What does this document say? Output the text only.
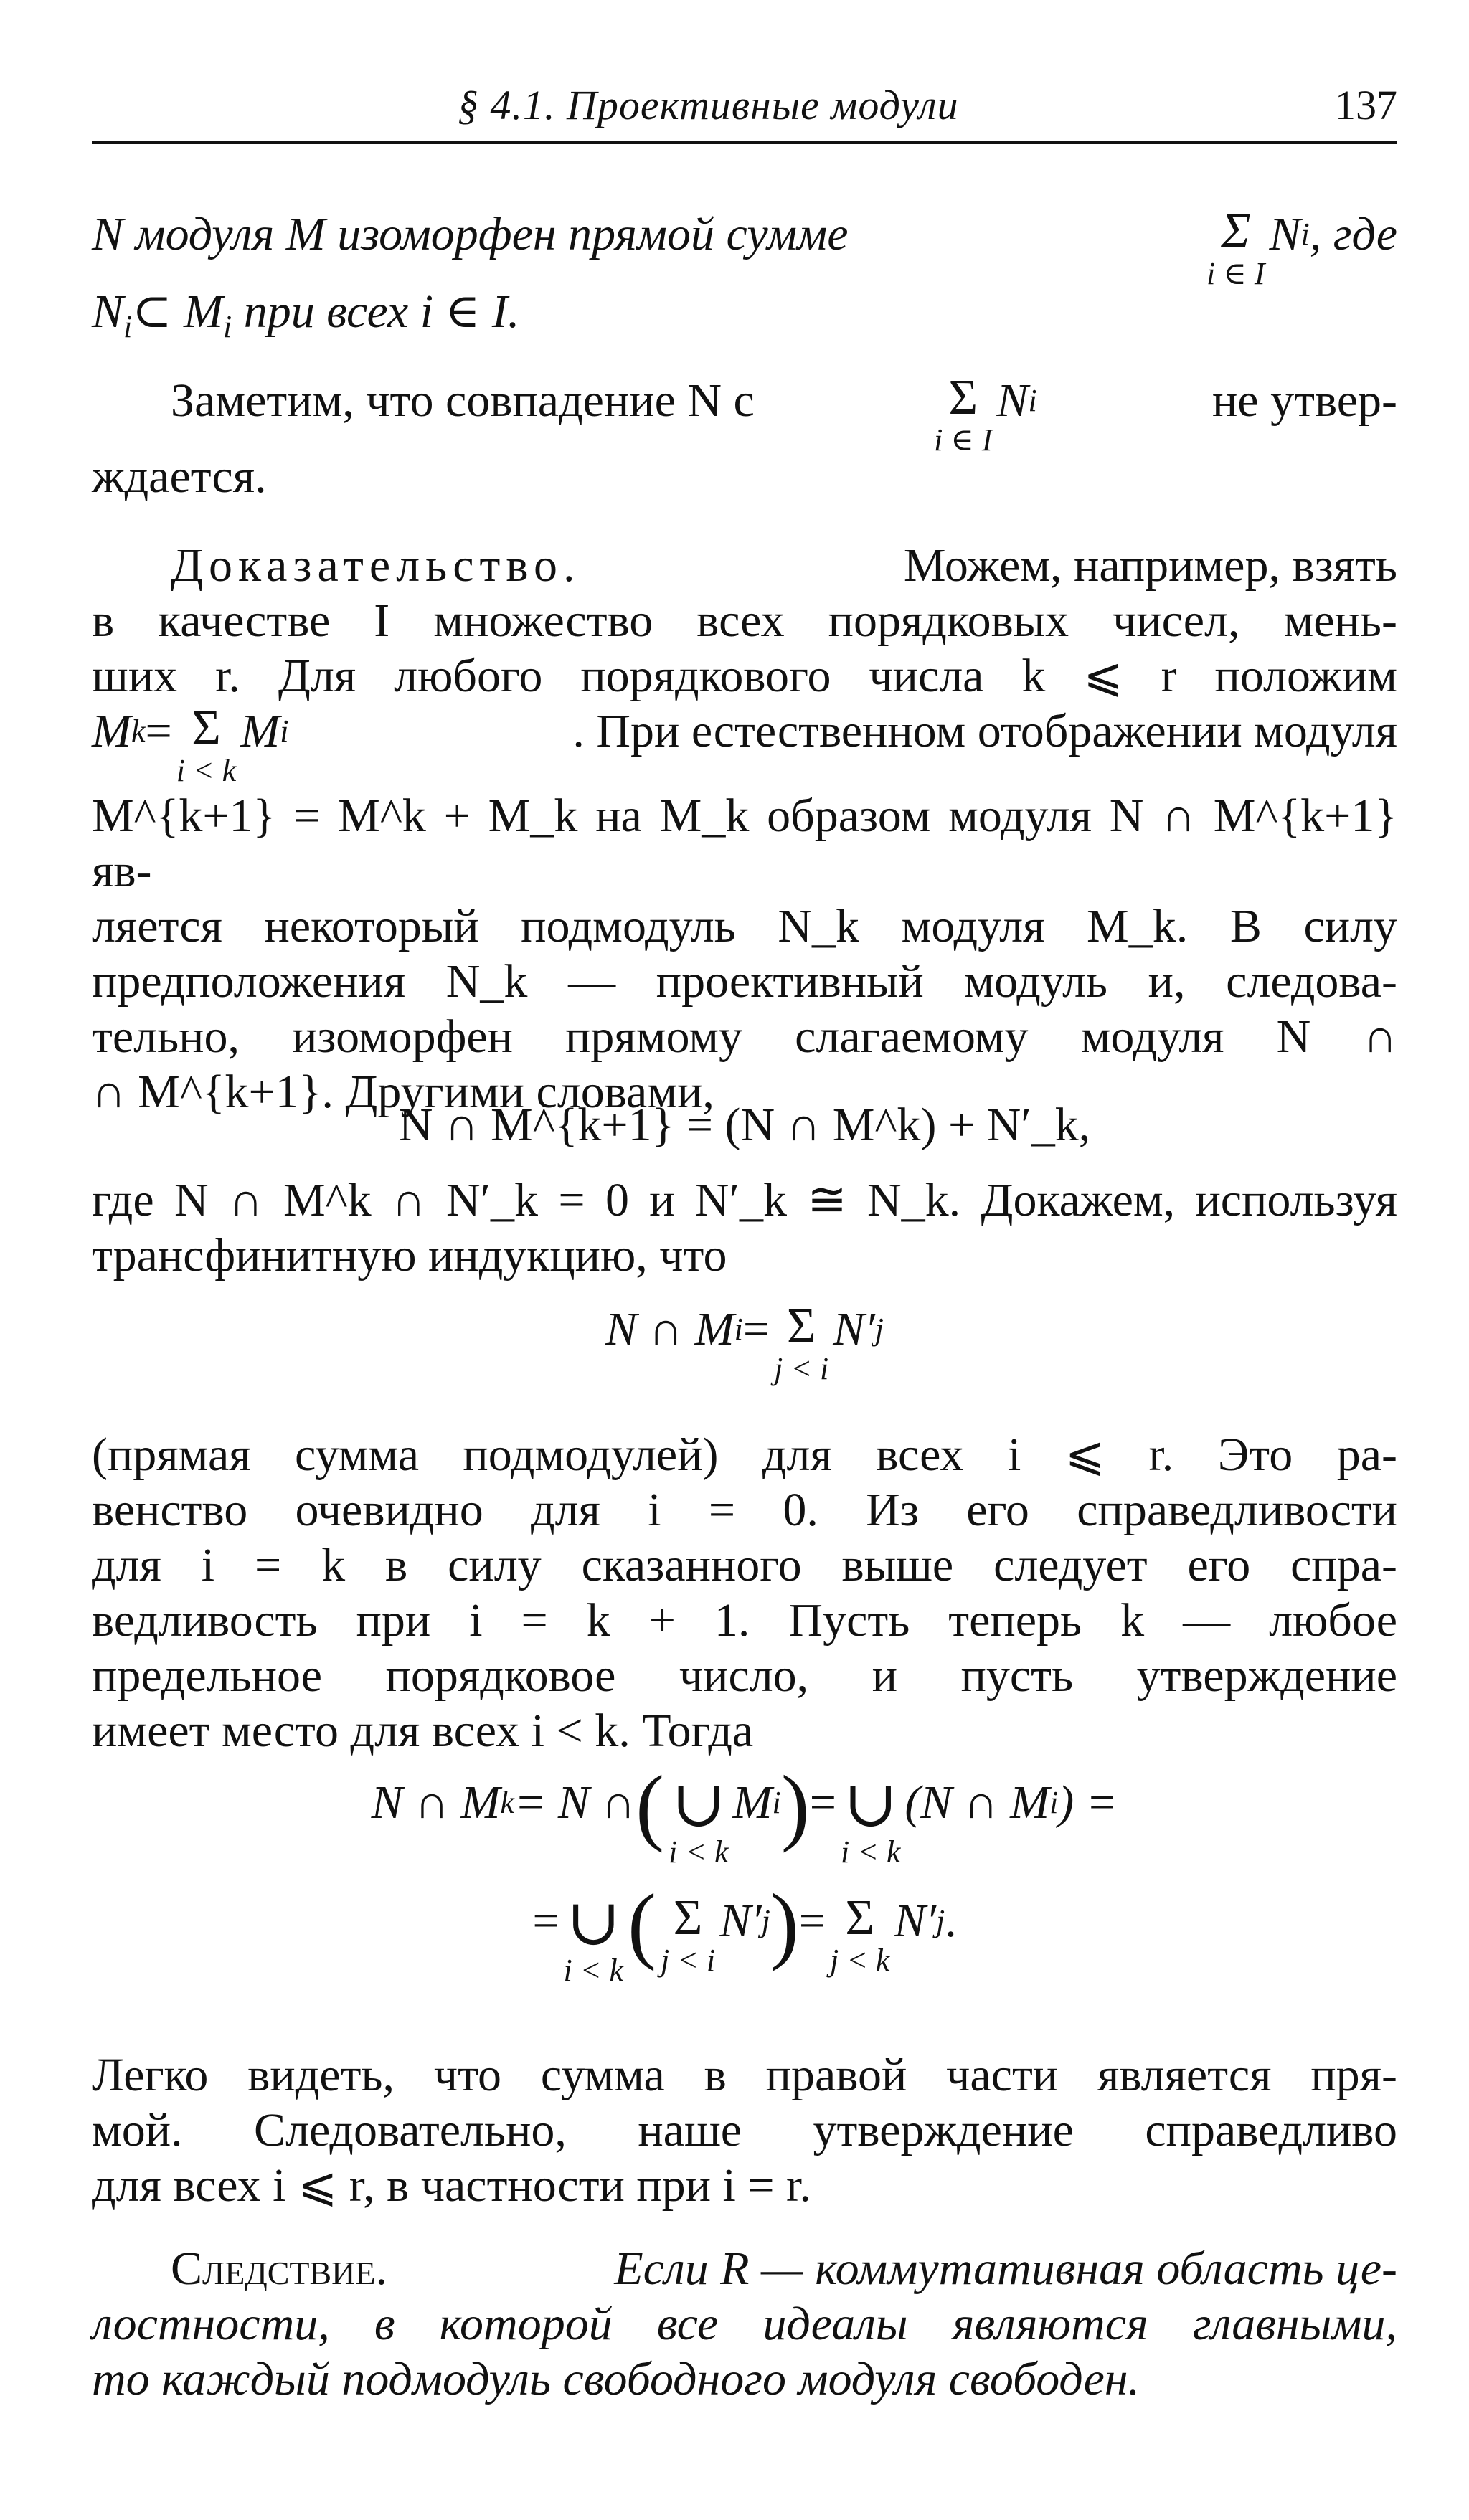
§ 4.1. Проективные модули	137
N модуля M изоморфен прямой сумме	Σ
i ∈ I
N i , где
$N_i\subset$ $M_i$ при всех i ∈ I.
Заметим, что совпадение N с	Σ
i ∈ I
N i	не утвер-
ждается.
Доказательство.	Можем, например, взять

в качестве I множество всех порядковых чисел, мень-

ших r. Для любого порядкового числа k ⩽ r положим

M k = Σ
i < k
M i	. При естественном отображении модуля

M^{k+1} = M^k + M_k на M_k образом модуля N ∩ M^{k+1} яв-

ляется некоторый подмодуль N_k модуля M_k. В силу

предположения N_k — проективный модуль и, следова-

тельно, изоморфен прямому слагаемому модуля N ∩

∩ M^{k+1}. Другими словами,

N ∩ M^{k+1} = (N ∩ M^k) + N′_k,

где N ∩ M^k ∩ N′_k = 0 и N′_k ≅ N_k. Докажем, используя

трансфинитную индукцию, что

N ∩ M i = Σ
j < i
N′ j

(прямая сумма подмодулей) для всех i ⩽ r. Это ра-

венство очевидно для i = 0. Из его справедливости

для i = k в силу сказанного выше следует его спра-

ведливость при i = k + 1. Пусть теперь k — любое

предельное порядковое число, и пусть утверждение

имеет место для всех i < k. Тогда

N ∩ M k = N ∩ ( ∪
i < k
M i ) = ∪
i < k
(N ∩ M i ) =
= ∪
i < k ( Σ
j < i
N′ j ) = Σ
j < k
N′ j .

Легко видеть, что сумма в правой части является пря-

мой. Следовательно, наше утверждение справедливо

для всех i ⩽ r, в частности при i = r.

Следствие.	Если R — коммутативная область це-

лостности, в которой все идеалы являются главными,

то каждый подмодуль свободного модуля свободен.
